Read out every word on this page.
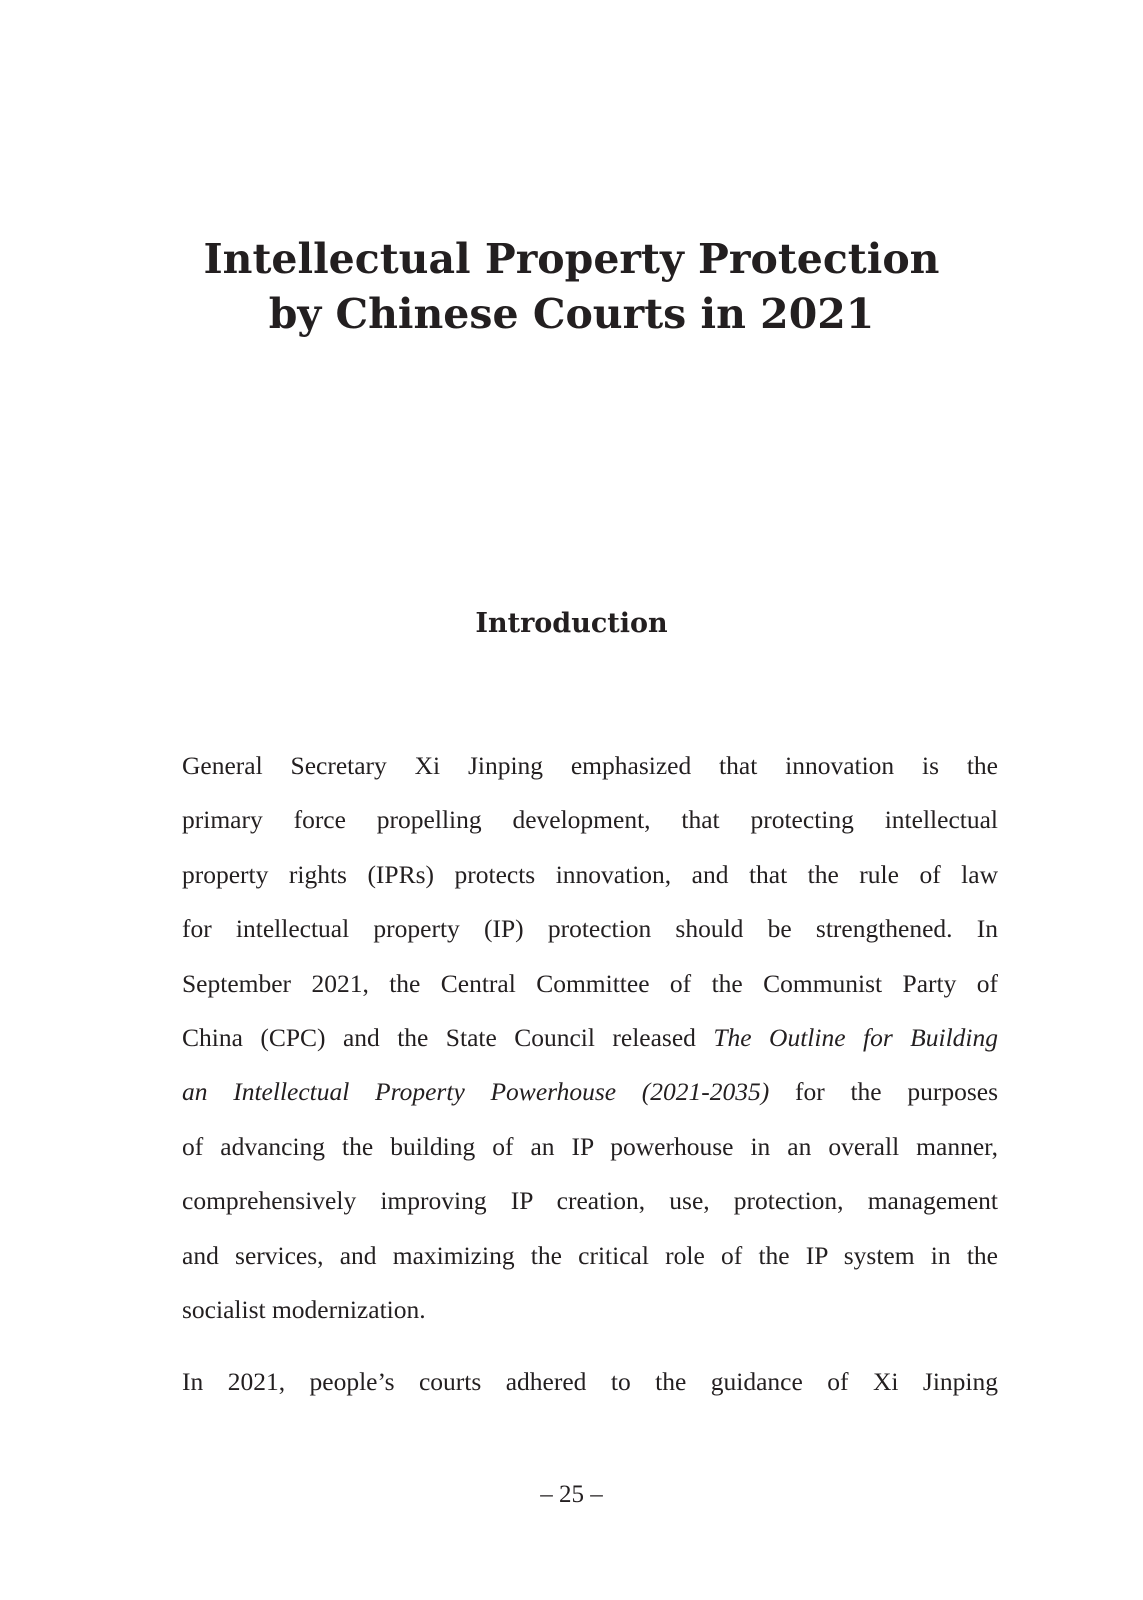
Intellectual Property Protection
by Chinese Courts in 2021
Introduction
General Secretary Xi Jinping emphasized that innovation is the
primary force propelling development, that protecting intellectual
property rights (IPRs) protects innovation, and that the rule of law
for intellectual property (IP) protection should be strengthened. In
September 2021, the Central Committee of the Communist Party of
China (CPC) and the State Council released The Outline for Building
an Intellectual Property Powerhouse (2021-2035) for the purposes
of advancing the building of an IP powerhouse in an overall manner,
comprehensively improving IP creation, use, protection, management
and services, and maximizing the critical role of the IP system in the
socialist modernization.
In 2021, people’s courts adhered to the guidance of Xi Jinping
– 25 –
